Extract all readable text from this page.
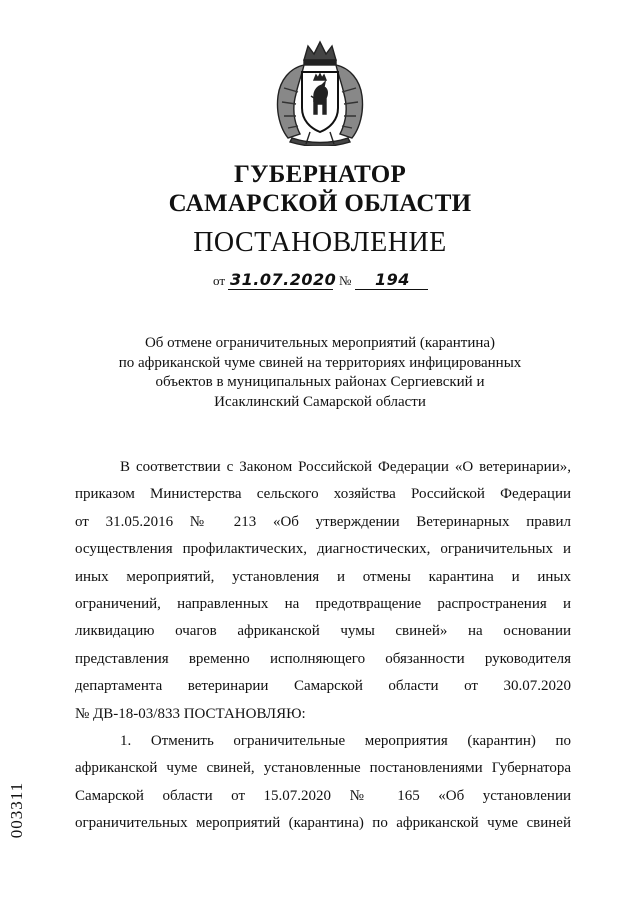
ГУБЕРНАТОР
САМАРСКОЙ ОБЛАСТИ
ПОСТАНОВЛЕНИЕ
от 31.07.2020 № 194
Об отмене ограничительных мероприятий (карантина)
по африканской чуме свиней на территориях инфицированных
объектов в муниципальных районах Сергиевский и
Исаклинский Самарской области
В соответствии с Законом Российской Федерации «О ветеринарии»,
приказом Министерства сельского хозяйства Российской Федерации
от 31.05.2016 № 213 «Об утверждении Ветеринарных правил
осуществления профилактических, диагностических, ограничительных и
иных мероприятий, установления и отмены карантина и иных
ограничений, направленных на предотвращение распространения и
ликвидацию очагов африканской чумы свиней» на основании
представления временно исполняющего обязанности руководителя
департамента ветеринарии Самарской области от 30.07.2020
№ ДВ-18-03/833 ПОСТАНОВЛЯЮ:
1. Отменить ограничительные мероприятия (карантин) по
африканской чуме свиней, установленные постановлениями Губернатора
Самарской области от 15.07.2020 № 165 «Об установлении
ограничительных мероприятий (карантина) по африканской чуме свиней
003311
